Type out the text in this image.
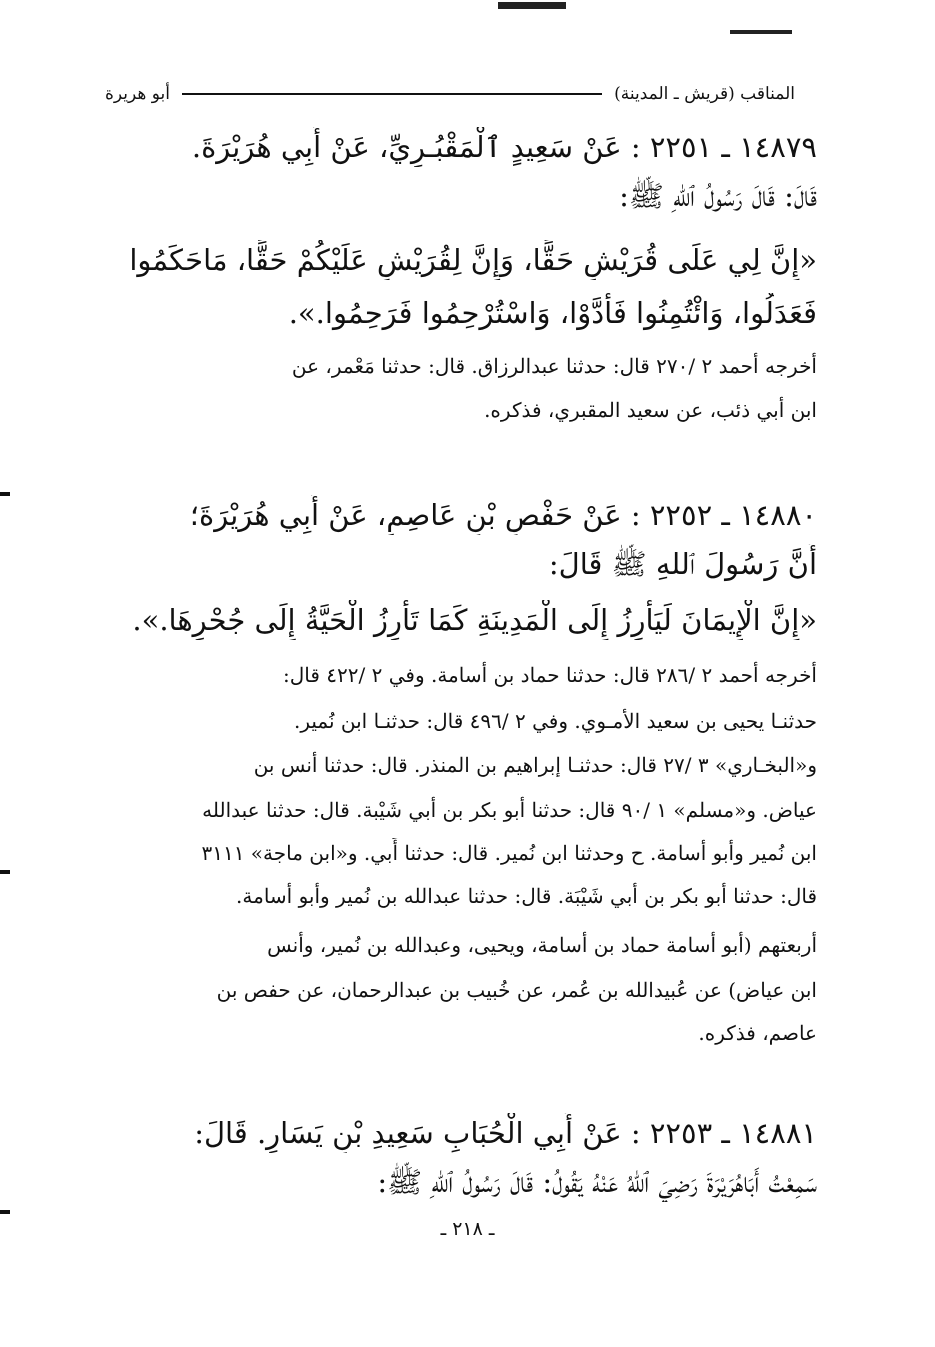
المناقب (قريش ـ المدينة)
أبو هريرة
١٤٨٧٩ ـ ٢٢٥١ : عَنْ سَعِيدٍ ٱلْمَقْبُـرِيِّ، عَنْ أَبِي هُرَيْرَةَ.
قَالَ: قَالَ رَسُولُ ٱللهِ ﷺ:
«إِنَّ لِي عَلَى قُرَيْشٍ حَقًّا، وَإِنَّ لِقُرَيْشٍ عَلَيْكُمْ حَقًّا، مَاحَكَمُوا
فَعَدَلُوا، وَائْتُمِنُوا فَأَدَّوْا، وَاسْتُرْحِمُوا فَرَحِمُوا.».
أخرجه أحمد ٢ /٢٧٠ قال: حدثنا عبدالرزاق. قال: حدثنا مَعْمر، عن
ابن أبي ذئب، عن سعيد المقبري، فذكره.
١٤٨٨٠ ـ ٢٢٥٢ : عَنْ حَفْصِ بْنِ عَاصِمٍ، عَنْ أَبِي هُرَيْرَةَ؛
أَنَّ رَسُولَ ٱللهِ ﷺ قَالَ:
«إِنَّ الْإِيمَانَ لَيَأْرِزُ إِلَى الْمَدِينَةِ كَمَا تَأْرِزُ الْحَيَّةُ إِلَى جُحْرِهَا.».
أخرجه أحمد ٢ /٢٨٦ قال: حدثنا حماد بن أسامة. وفي ٢ /٤٢٢ قال:
حدثنـا يحيى بن سعيد الأمـوي. وفي ٢ /٤٩٦ قال: حدثنـا ابن نُمير.
و«البخـاري» ٣ /٢٧ قال: حدثنـا إبراهيم بن المنذر. قال: حدثنا أنس بن
عياض. و«مسلم» ١ /٩٠ قال: حدثنا أبو بكر بن أبي شَيْبة. قال: حدثنا عبدالله
ابن نُمير وأبو أسامة. ح وحدثنا ابن نُمير. قال: حدثنا أَبي. و«ابن ماجة» ٣١١١
قال: حدثنا أبو بكر بن أبي شَيْبَة. قال: حدثنا عبدالله بن نُمير وأبو أسامة.
أربعتهم (أبو أسامة حماد بن أسامة، ويحيى، وعبدالله بن نُمير، وأنس
ابن عياض) عن عُبيدالله بن عُمر، عن خُبيب بن عبدالرحمان، عن حفص بن
عاصم، فذكره.
١٤٨٨١ ـ ٢٢٥٣ : عَنْ أَبِي الْحُبَابِ سَعِيدِ بْنِ يَسَارٍ. قَالَ:
سَمِعْتُ أَبَاهُرَيْرَةَ رَضِيَ ٱللهُ عَنْهُ يَقُولُ: قَالَ رَسُولُ ٱللهِ ﷺ:
ـ ٢١٨ ـ
